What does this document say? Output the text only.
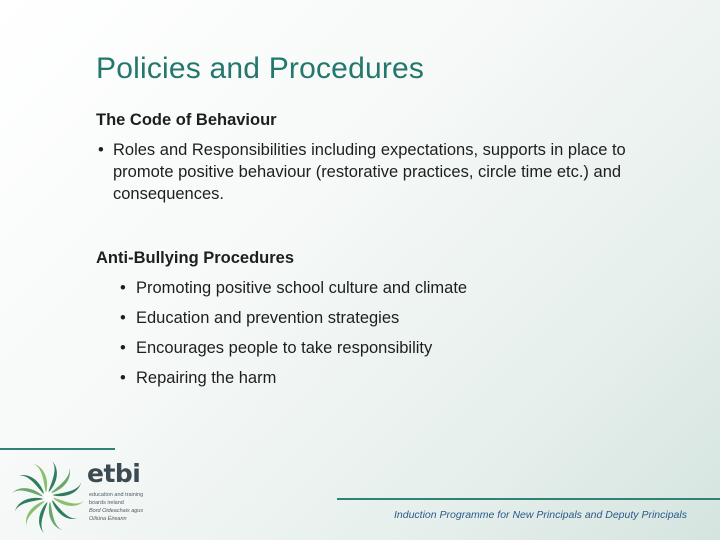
Policies and Procedures

The Code of Behaviour

• Roles and Responsibilities including expectations, supports in place to promote positive behaviour (restorative practices, circle time etc.) and consequences.

Anti-Bullying Procedures

• Promoting positive school culture and climate
• Education and prevention strategies
• Encourages people to take responsibility
• Repairing the harm
etbi
education and training
boards ireland
Bord Oideachais agus
Oiliúna Éireann	Induction Programme for New Principals and Deputy Principals
